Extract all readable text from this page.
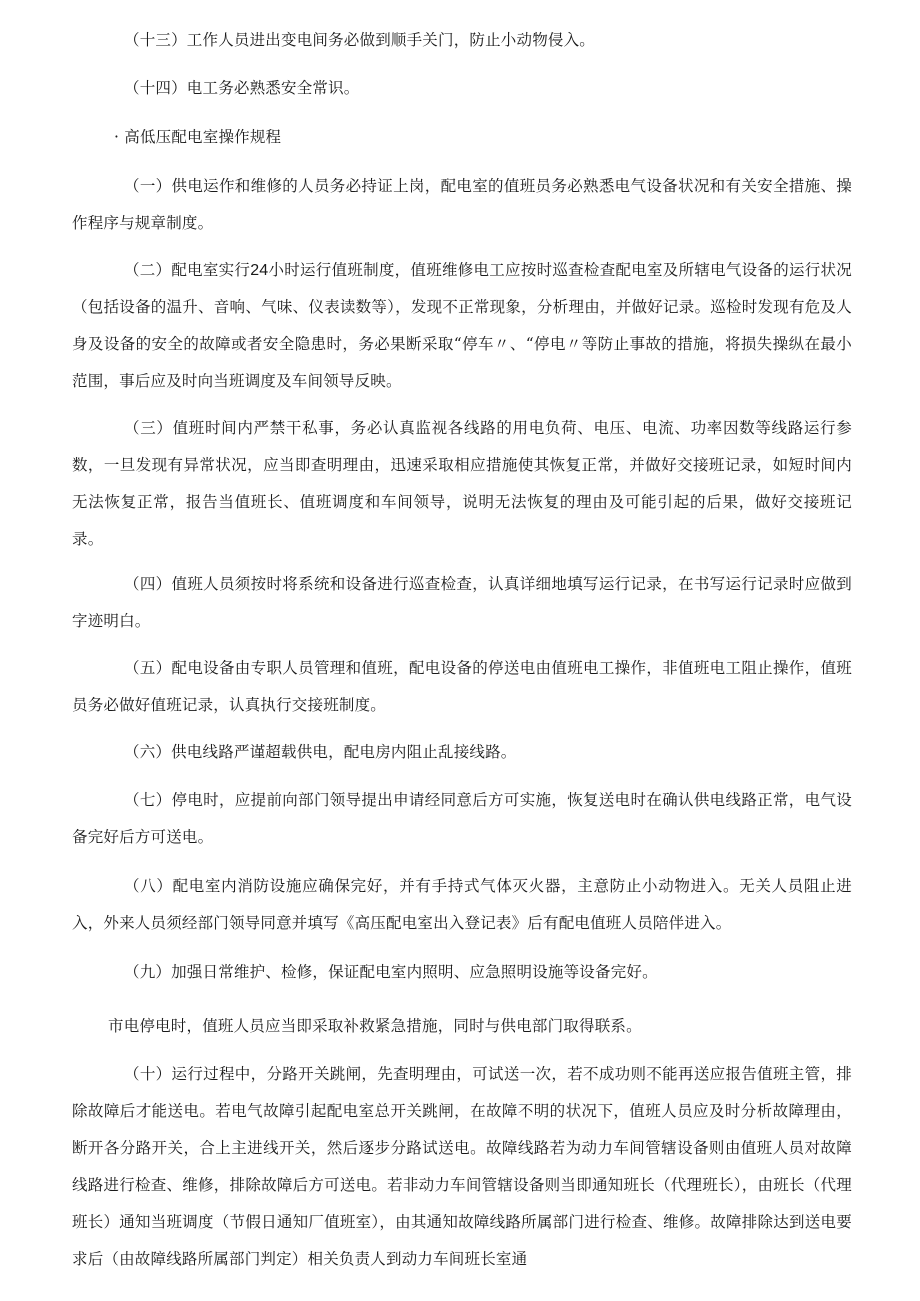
（十三）工作人员进出变电间务必做到顺手关门，防止小动物侵入。

（十四）电工务必熟悉安全常识。

· 高低压配电室操作规程

（一）供电运作和维修的人员务必持证上岗，配电室的值班员务必熟悉电气设备状况和有关安全措施、操作程序与规章制度。

（二）配电室实行24小时运行值班制度，值班维修电工应按时巡查检查配电室及所辖电气设备的运行状况（包括设备的温升、音响、气味、仪表读数等），发现不正常现象，分析理由，并做好记录。巡检时发现有危及人身及设备的安全的故障或者安全隐患时，务必果断采取“停车〃、“停电〃等防止事故的措施，将损失操纵在最小范围，事后应及时向当班调度及车间领导反映。

（三）值班时间内严禁干私事，务必认真监视各线路的用电负荷、电压、电流、功率因数等线路运行参数，一旦发现有异常状况，应当即查明理由，迅速采取相应措施使其恢复正常，并做好交接班记录，如短时间内无法恢复正常，报告当值班长、值班调度和车间领导，说明无法恢复的理由及可能引起的后果，做好交接班记录。

（四）值班人员须按时将系统和设备进行巡查检查，认真详细地填写运行记录，在书写运行记录时应做到字迹明白。

（五）配电设备由专职人员管理和值班，配电设备的停送电由值班电工操作，非值班电工阻止操作，值班员务必做好值班记录，认真执行交接班制度。

（六）供电线路严谨超载供电，配电房内阻止乱接线路。

（七）停电时，应提前向部门领导提出申请经同意后方可实施，恢复送电时在确认供电线路正常，电气设备完好后方可送电。

（八）配电室内消防设施应确保完好，并有手持式气体灭火器，主意防止小动物进入。无关人员阻止进入，外来人员须经部门领导同意并填写《高压配电室出入登记表》后有配电值班人员陪伴进入。

（九）加强日常维护、检修，保证配电室内照明、应急照明设施等设备完好。

市电停电时，值班人员应当即采取补救紧急措施，同时与供电部门取得联系。

（十）运行过程中，分路开关跳闸，先查明理由，可试送一次，若不成功则不能再送应报告值班主管，排除故障后才能送电。若电气故障引起配电室总开关跳闸，在故障不明的状况下，值班人员应及时分析故障理由，断开各分路开关，合上主进线开关，然后逐步分路试送电。故障线路若为动力车间管辖设备则由值班人员对故障线路进行检查、维修，排除故障后方可送电。若非动力车间管辖设备则当即通知班长（代理班长），由班长（代理班长）通知当班调度（节假日通知厂值班室），由其通知故障线路所属部门进行检查、维修。故障排除达到送电要求后（由故障线路所属部门判定）相关负责人到动力车间班长室通
